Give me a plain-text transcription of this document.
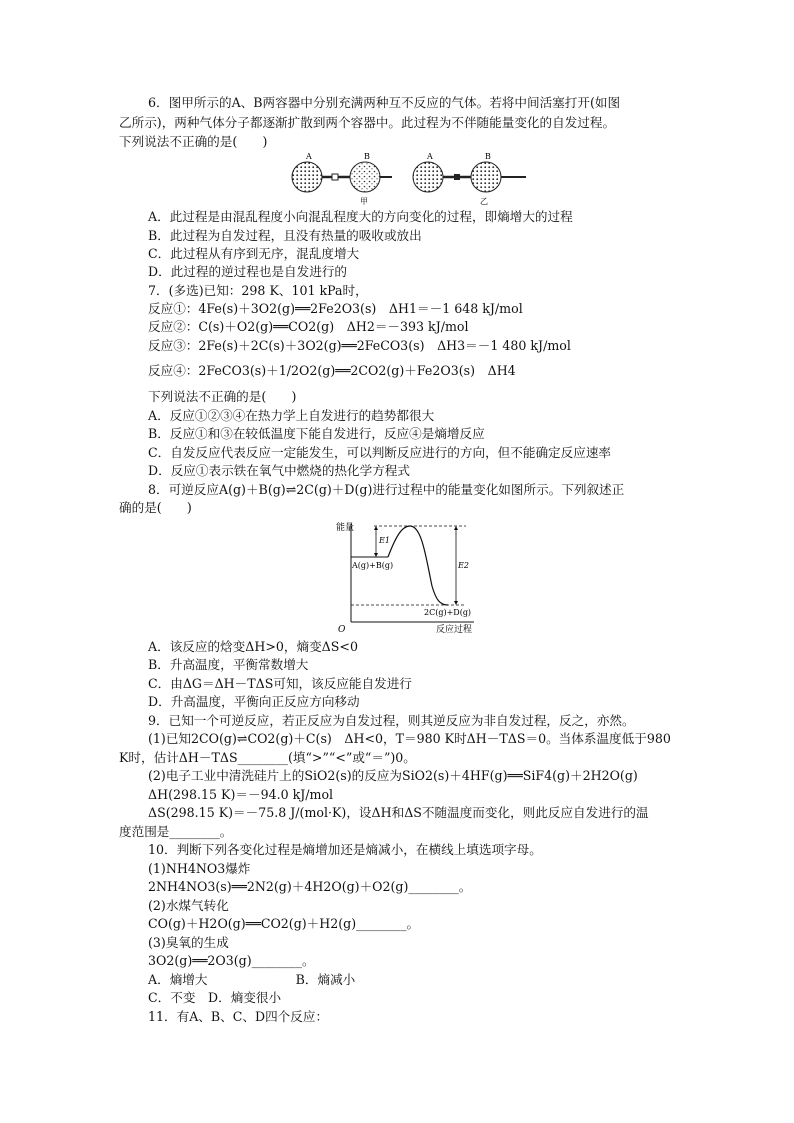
6．图甲所示的A、B两容器中分别充满两种互不反应的气体。若将中间活塞打开(如图
乙所示)，两种气体分子都逐渐扩散到两个容器中。此过程为不伴随能量变化的自发过程。
下列说法不正确的是(　　)
A	B
甲
A	B
乙
A．此过程是由混乱程度小向混乱程度大的方向变化的过程，即熵增大的过程
B．此过程为自发过程，且没有热量的吸收或放出
C．此过程从有序到无序，混乱度增大
D．此过程的逆过程也是自发进行的
7．(多选)已知：298 K、101 kPa时，
反应①：4Fe(s)＋3O2(g)══2Fe2O3(s)　ΔH1＝－1 648 kJ/mol
反应②：C(s)＋O2(g)══CO2(g)　ΔH2＝－393 kJ/mol
反应③：2Fe(s)＋2C(s)＋3O2(g)══2FeCO3(s)　ΔH3＝－1 480 kJ/mol
反应④：2FeCO3(s)＋1/2O2(g)══2CO2(g)＋Fe2O3(s)　ΔH4
下列说法不正确的是(　　)
A．反应①②③④在热力学上自发进行的趋势都很大
B．反应①和③在较低温度下能自发进行，反应④是熵增反应
C．自发反应代表反应一定能发生，可以判断反应进行的方向，但不能确定反应速率
D．反应①表示铁在氧气中燃烧的热化学方程式
8．可逆反应A(g)＋B(g)⇌2C(g)＋D(g)进行过程中的能量变化如图所示。下列叙述正
确的是(　　)
能量
O	反应过程
E1
E2
A(g)+B(g)
2C(g)+D(g)
A．该反应的焓变ΔH>0，熵变ΔS<0
B．升高温度，平衡常数增大
C．由ΔG＝ΔH－TΔS可知，该反应能自发进行
D．升高温度，平衡向正反应方向移动
9．已知一个可逆反应，若正反应为自发过程，则其逆反应为非自发过程，反之，亦然。
(1)已知2CO(g)⇌CO2(g)＋C(s)　ΔH<0，T＝980 K时ΔH－TΔS＝0。当体系温度低于980
K时，估计ΔH－TΔS________(填“>”“<”或“＝”)0。
(2)电子工业中清洗硅片上的SiO2(s)的反应为SiO2(s)＋4HF(g)══SiF4(g)＋2H2O(g)
ΔH(298.15 K)＝－94.0 kJ/mol
ΔS(298.15 K)＝－75.8 J/(mol·K)，设ΔH和ΔS不随温度而变化，则此反应自发进行的温
度范围是________。
10．判断下列各变化过程是熵增加还是熵减小，在横线上填选项字母。
(1)NH4NO3爆炸
2NH4NO3(s)══2N2(g)＋4H2O(g)＋O2(g)________。
(2)水煤气转化
CO(g)＋H2O(g)══CO2(g)＋H2(g)________。
(3)臭氧的生成
3O2(g)══2O3(g)________。
A．熵增大　　　　　　　B．熵减小
C．不变　D．熵变很小
11．有A、B、C、D四个反应：
